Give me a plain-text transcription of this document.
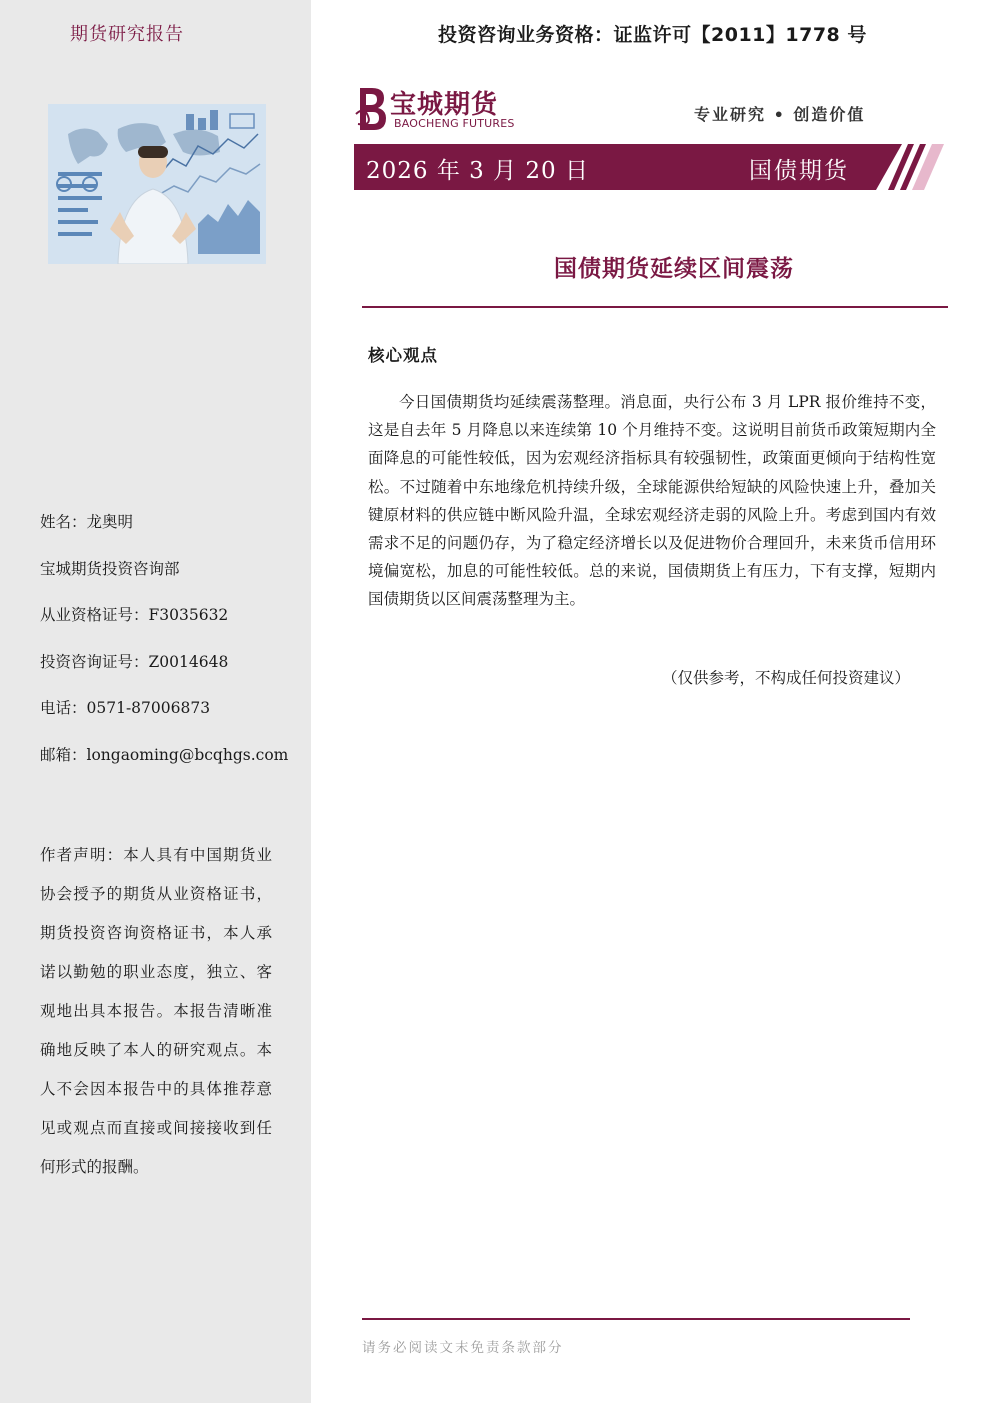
期货研究报告
姓名：龙奥明
宝城期货投资咨询部
从业资格证号：F3035632
投资咨询证号：Z0014648
电话：0571-87006873
邮箱：longaoming@bcqhgs.com
作者声明：本人具有中国期货业协会授予的期货从业资格证书，期货投资咨询资格证书，本人承诺以勤勉的职业态度，独立、客观地出具本报告。本报告清晰准确地反映了本人的研究观点。本人不会因本报告中的具体推荐意见或观点而直接或间接接收到任何形式的报酬。
投资咨询业务资格：证监许可【2011】1778 号
宝城期货
BAOCHENG FUTURES	专业研究 • 创造价值
2026 年 3 月 20 日	国债期货
国债期货延续区间震荡
核心观点
今日国债期货均延续震荡整理。消息面，央行公布 3 月 LPR 报价维持不变，这是自去年 5 月降息以来连续第 10 个月维持不变。这说明目前货币政策短期内全面降息的可能性较低，因为宏观经济指标具有较强韧性，政策面更倾向于结构性宽松。不过随着中东地缘危机持续升级，全球能源供给短缺的风险快速上升，叠加关键原材料的供应链中断风险升温，全球宏观经济走弱的风险上升。考虑到国内有效需求不足的问题仍存，为了稳定经济增长以及促进物价合理回升，未来货币信用环境偏宽松，加息的可能性较低。总的来说，国债期货上有压力，下有支撑，短期内国债期货以区间震荡整理为主。
（仅供参考，不构成任何投资建议）
请务必阅读文末免责条款部分
